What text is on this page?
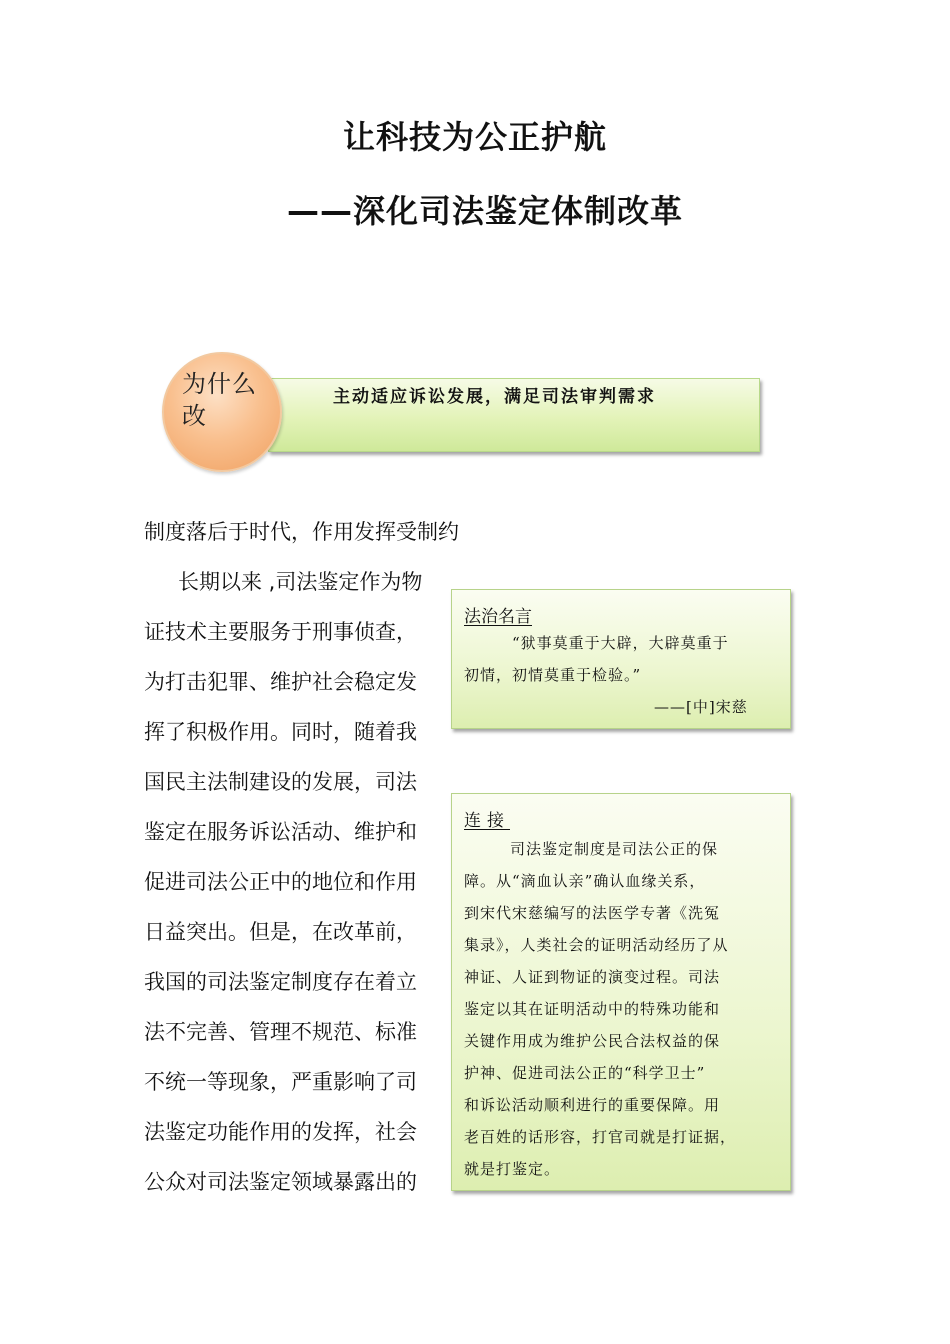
让科技为公正护航
——深化司法鉴定体制改革
主动适应诉讼发展，满足司法审判需求
为什么改
制度落后于时代，作用发挥受制约
长期以来 ,司法鉴定作为物
证技术主要服务于刑事侦查，
为打击犯罪、维护社会稳定发
挥了积极作用。同时，随着我
国民主法制建设的发展，司法
鉴定在服务诉讼活动、维护和
促进司法公正中的地位和作用
日益突出。但是，在改革前，
我国的司法鉴定制度存在着立
法不完善、管理不规范、标准
不统一等现象，严重影响了司
法鉴定功能作用的发挥，社会
公众对司法鉴定领域暴露出的
法治名言
“狱事莫重于大辟，大辟莫重于
初情，初情莫重于检验。”
——[中]宋慈
连接
司法鉴定制度是司法公正的保
障。从“滴血认亲”确认血缘关系，
到宋代宋慈编写的法医学专著《洗冤
集录》，人类社会的证明活动经历了从
神证、人证到物证的演变过程。司法
鉴定以其在证明活动中的特殊功能和
关键作用成为维护公民合法权益的保
护神、促进司法公正的“科学卫士”
和诉讼活动顺利进行的重要保障。用
老百姓的话形容，打官司就是打证据，
就是打鉴定。
